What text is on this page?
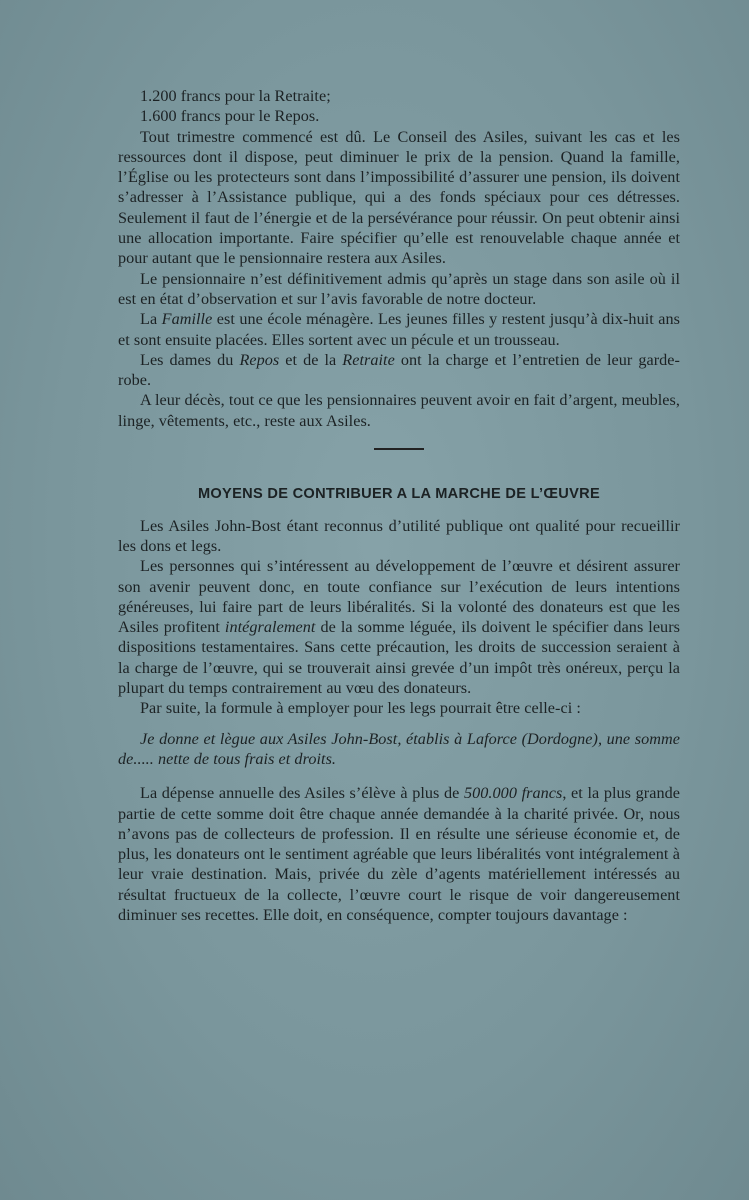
1.200 francs pour la Retraite;

1.600 francs pour le Repos.

Tout trimestre commencé est dû. Le Conseil des Asiles, suivant les cas et les ressources dont il dispose, peut diminuer le prix de la pension. Quand la famille, l’Église ou les protecteurs sont dans l’impossibilité d’assurer une pension, ils doivent s’adresser à l’Assistance publique, qui a des fonds spéciaux pour ces détresses. Seulement il faut de l’énergie et de la persévérance pour réussir. On peut obtenir ainsi une allocation importante. Faire spécifier qu’elle est renouvelable chaque année et pour autant que le pensionnaire restera aux Asiles.

Le pensionnaire n’est définitivement admis qu’après un stage dans son asile où il est en état d’observation et sur l’avis favorable de notre docteur.

La Famille est une école ménagère. Les jeunes filles y restent jusqu’à dix-huit ans et sont ensuite placées. Elles sortent avec un pécule et un trousseau.

Les dames du Repos et de la Retraite ont la charge et l’entretien de leur garde-robe.

A leur décès, tout ce que les pensionnaires peuvent avoir en fait d’argent, meubles, linge, vêtements, etc., reste aux Asiles.

MOYENS DE CONTRIBUER A LA MARCHE DE L’ŒUVRE

Les Asiles John-Bost étant reconnus d’utilité publique ont qualité pour recueillir les dons et legs.

Les personnes qui s’intéressent au développement de l’œuvre et désirent assurer son avenir peuvent donc, en toute confiance sur l’exécution de leurs intentions généreuses, lui faire part de leurs libéralités. Si la volonté des donateurs est que les Asiles profitent intégralement de la somme léguée, ils doivent le spécifier dans leurs dispositions testamentaires. Sans cette précaution, les droits de succession seraient à la charge de l’œuvre, qui se trouverait ainsi grevée d’un impôt très onéreux, perçu la plupart du temps contrairement au vœu des donateurs.

Par suite, la formule à employer pour les legs pourrait être celle-ci :

Je donne et lègue aux Asiles John-Bost, établis à Laforce (Dordogne), une somme de..... nette de tous frais et droits.

La dépense annuelle des Asiles s’élève à plus de 500.000 francs, et la plus grande partie de cette somme doit être chaque année demandée à la charité privée. Or, nous n’avons pas de collecteurs de profession. Il en résulte une sérieuse économie et, de plus, les donateurs ont le sentiment agréable que leurs libéralités vont intégralement à leur vraie destination. Mais, privée du zèle d’agents matériellement intéressés au résultat fructueux de la collecte, l’œuvre court le risque de voir dangereusement diminuer ses recettes. Elle doit, en conséquence, compter toujours davantage :
